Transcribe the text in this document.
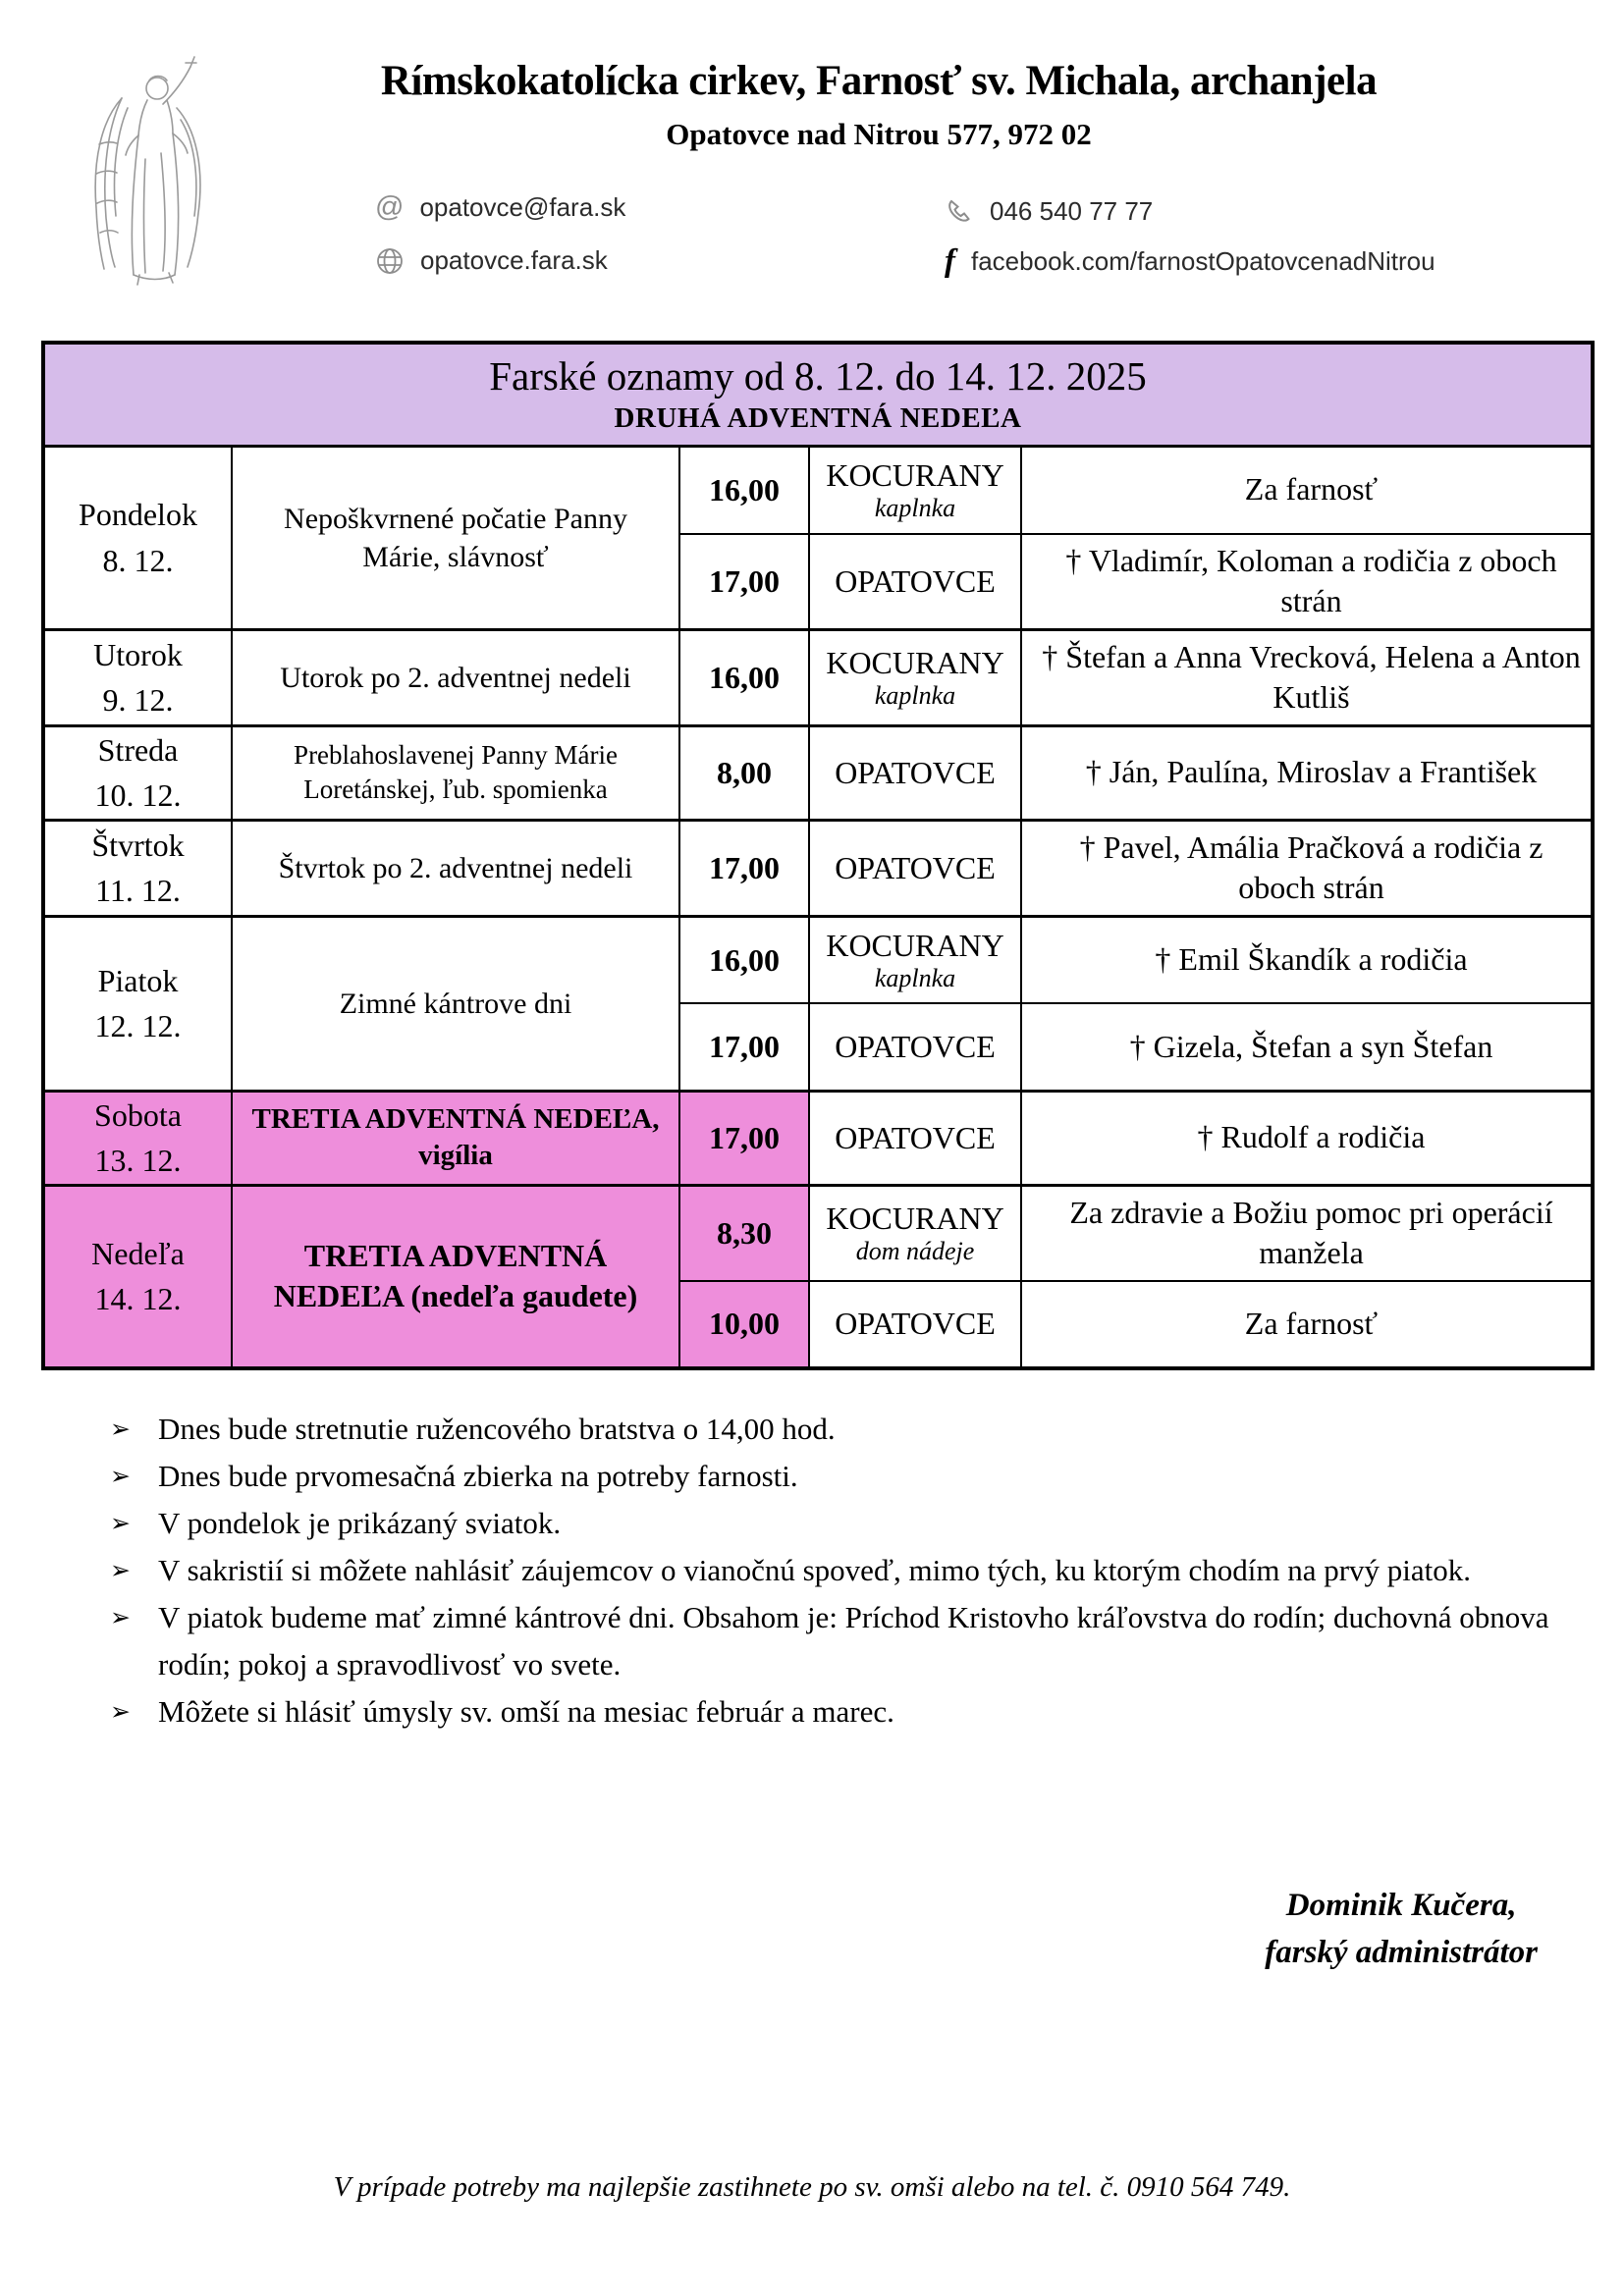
Rímskokatolícka cirkev, Farnosť sv. Michala, archanjela
Opatovce nad Nitrou 577, 972 02
@ opatovce@fara.sk
opatovce.fara.sk
046 540 77 77
f facebook.com/farnostOpatovcenadNitrou
Farské oznamy od 8. 12. do 14. 12. 2025
DRUHÁ ADVENTNÁ NEDEĽA				

Pondelok
8. 12.
	Nepoškvrnené počatie Panny Márie, slávnosť	16,00	KOCURANY
kaplnka
	Za farnosť
		17,00	OPATOVCE	† Vladimír, Koloman a rodičia z oboch strán

Utorok
9. 12.
	Utorok po 2. adventnej nedeli	16,00	KOCURANY
kaplnka
	† Štefan a Anna Vrecková, Helena a Anton Kutliš

Streda
10. 12.	Preblahoslavenej Panny Márie Loretánskej, ľub. spomienka	8,00	OPATOVCE	† Ján, Paulína, Miroslav a František

Štvrtok
11. 12.	Štvrtok po 2. adventnej nedeli	17,00	OPATOVCE	† Pavel, Amália Pračková a rodičia z oboch strán

Piatok
12. 12.
	Zimné kántrove dni	16,00	KOCURANY
kaplnka
	† Emil Škandík a rodičia
		17,00	OPATOVCE	† Gizela, Štefan a syn Štefan

Sobota
13. 12.	TRETIA ADVENTNÁ NEDEĽA, vigília	17,00	OPATOVCE	† Rudolf a rodičia

Nedeľa
14. 12.
	TRETIA ADVENTNÁ NEDEĽA (nedeľa gaudete)	8,30	KOCURANY
dom nádeje
	Za zdravie a Božiu pomoc pri operácií manžela
		10,00	OPATOVCE	Za farnosť
➢ Dnes bude stretnutie ružencového bratstva o 14,00 hod.
➢ Dnes bude prvomesačná zbierka na potreby farnosti.
➢ V pondelok je prikázaný sviatok.
➢ V sakristií si môžete nahlásiť záujemcov o vianočnú spoveď, mimo tých, ku ktorým chodím na prvý piatok.
➢ V piatok budeme mať zimné kántrové dni. Obsahom je: Príchod Kristovho kráľovstva do rodín; duchovná obnova rodín; pokoj a spravodlivosť vo svete.
➢ Môžete si hlásiť úmysly sv. omší na mesiac február a marec.
Dominik Kučera,
farský administrátor
V prípade potreby ma najlepšie zastihnete po sv. omši alebo na tel. č. 0910 564 749.
